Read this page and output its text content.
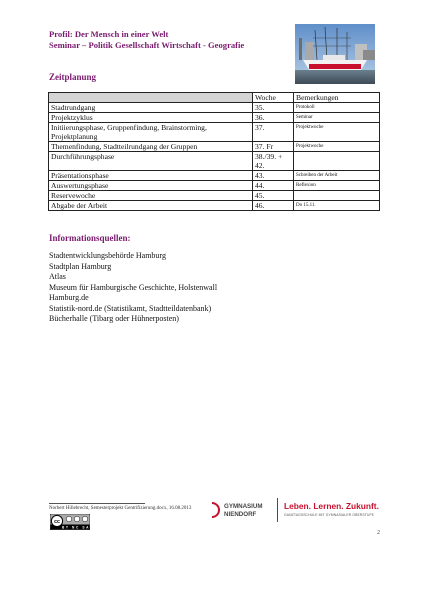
Profil: Der Mensch in einer Welt
Seminar – Politik Gesellschaft Wirtschaft - Geografie
Zeitplanung
	Woche	Bemerkungen
Stadtrundgang	35.	Protokoll
Projektzyklus	36.	Seminar
Initiierungsphase, Gruppenfindung, Brainstorming, Projektplanung	37.	Projektwoche
Themenfindung, Stadtteilrundgang der Gruppen	37. Fr	Projektwoche
Durchführungsphase	38./39. + 42.	
Präsentationsphase	43.	Schreiben der Arbeit
Auswertungsphase	44.	Reflexion
Reservewoche	45.	
Abgabe der Arbeit	46.	Do 15.11.
Informationsquellen:
Stadtentwicklungsbehörde Hamburg
Stadtplan Hamburg
Atlas
Museum für Hamburgische Geschichte, Holstenwall
Hamburg.de
Statistik-nord.de (Statistikamt, Stadtteildatenbank)
Bücherhalle (Tibarg oder Hühnerposten)
Norbert Hillebrecht, Semesterprojekt Gentrifizierung.docx, 16.08.2013
cc
BY NC SA
GYMNASIUM
NIENDORF
Leben. Lernen. Zukunft.
GANZTAGSSCHULE MIT GYMNASIALER OBERSTUFE
2
